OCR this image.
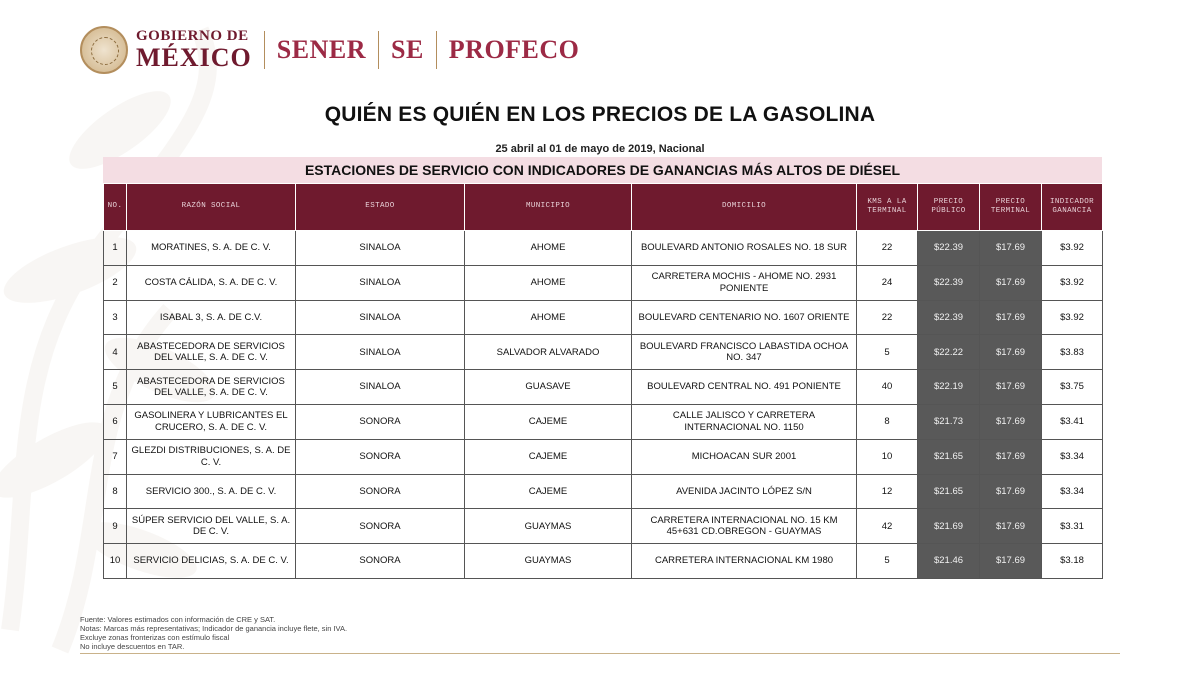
GOBIERNO DE
MÉXICO SENER SE PROFECO
QUIÉN ES QUIÉN EN LOS PRECIOS DE LA GASOLINA
25 abril al 01 de mayo de 2019, Nacional
ESTACIONES DE SERVICIO CON INDICADORES DE GANANCIAS MÁS ALTOS DE DIÉSEL
NO.	RAZÓN SOCIAL	ESTADO	MUNICIPIO	DOMICILIO	KMS A LA TERMINAL	PRECIO PÚBLICO	PRECIO TERMINAL	INDICADOR GANANCIA
1	MORATINES, S. A. DE C. V.	SINALOA	AHOME	BOULEVARD ANTONIO ROSALES NO. 18 SUR	22	$22.39	$17.69	$3.92
2	COSTA CÁLIDA, S. A. DE C. V.	SINALOA	AHOME	CARRETERA MOCHIS - AHOME NO. 2931 PONIENTE	24	$22.39	$17.69	$3.92
3	ISABAL 3, S. A. DE C.V.	SINALOA	AHOME	BOULEVARD CENTENARIO NO. 1607 ORIENTE	22	$22.39	$17.69	$3.92
4	ABASTECEDORA DE SERVICIOS DEL VALLE, S. A. DE C. V.	SINALOA	SALVADOR ALVARADO	BOULEVARD FRANCISCO LABASTIDA OCHOA NO. 347	5	$22.22	$17.69	$3.83
5	ABASTECEDORA DE SERVICIOS DEL VALLE, S. A. DE C. V.	SINALOA	GUASAVE	BOULEVARD CENTRAL NO. 491 PONIENTE	40	$22.19	$17.69	$3.75
6	GASOLINERA Y LUBRICANTES EL CRUCERO, S. A. DE C. V.	SONORA	CAJEME	CALLE JALISCO Y CARRETERA INTERNACIONAL NO. 1150	8	$21.73	$17.69	$3.41
7	GLEZDI DISTRIBUCIONES, S. A. DE C. V.	SONORA	CAJEME	MICHOACAN SUR 2001	10	$21.65	$17.69	$3.34
8	SERVICIO 300., S. A. DE C. V.	SONORA	CAJEME	AVENIDA JACINTO LÓPEZ S/N	12	$21.65	$17.69	$3.34
9	SÚPER SERVICIO DEL VALLE, S. A. DE C. V.	SONORA	GUAYMAS	CARRETERA INTERNACIONAL NO. 15 KM 45+631 CD.OBREGON - GUAYMAS	42	$21.69	$17.69	$3.31
10	SERVICIO DELICIAS, S. A. DE C. V.	SONORA	GUAYMAS	CARRETERA INTERNACIONAL KM 1980	5	$21.46	$17.69	$3.18
Fuente: Valores estimados con información de CRE y SAT.
Notas: Marcas más representativas; Indicador de ganancia incluye flete, sin IVA.
Excluye zonas fronterizas con estímulo fiscal
No incluye descuentos en TAR.
